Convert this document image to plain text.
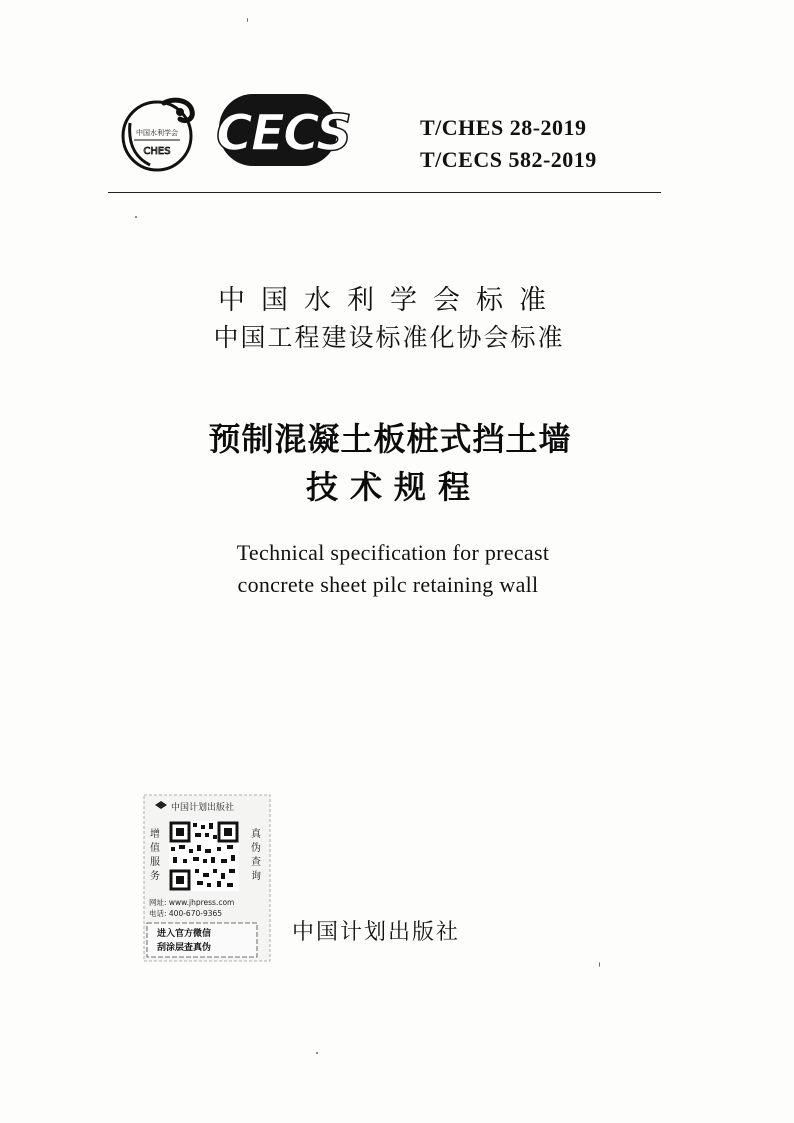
中国水利学会
CHES CECS	T/CHES 28-2019
T/CECS 582-2019
中国水利学会标准
中国工程建设标准化协会标准
预制混凝土板桩式挡土墙
技术规程
Technical specification for precast
concrete sheet pilc retaining wall
中国计划出版社
增
值
服
务
真
伪
查
询
网址: www.jhpress.com
电话: 400-670-9365
进入官方微信
刮涂层查真伪
中国计划出版社
